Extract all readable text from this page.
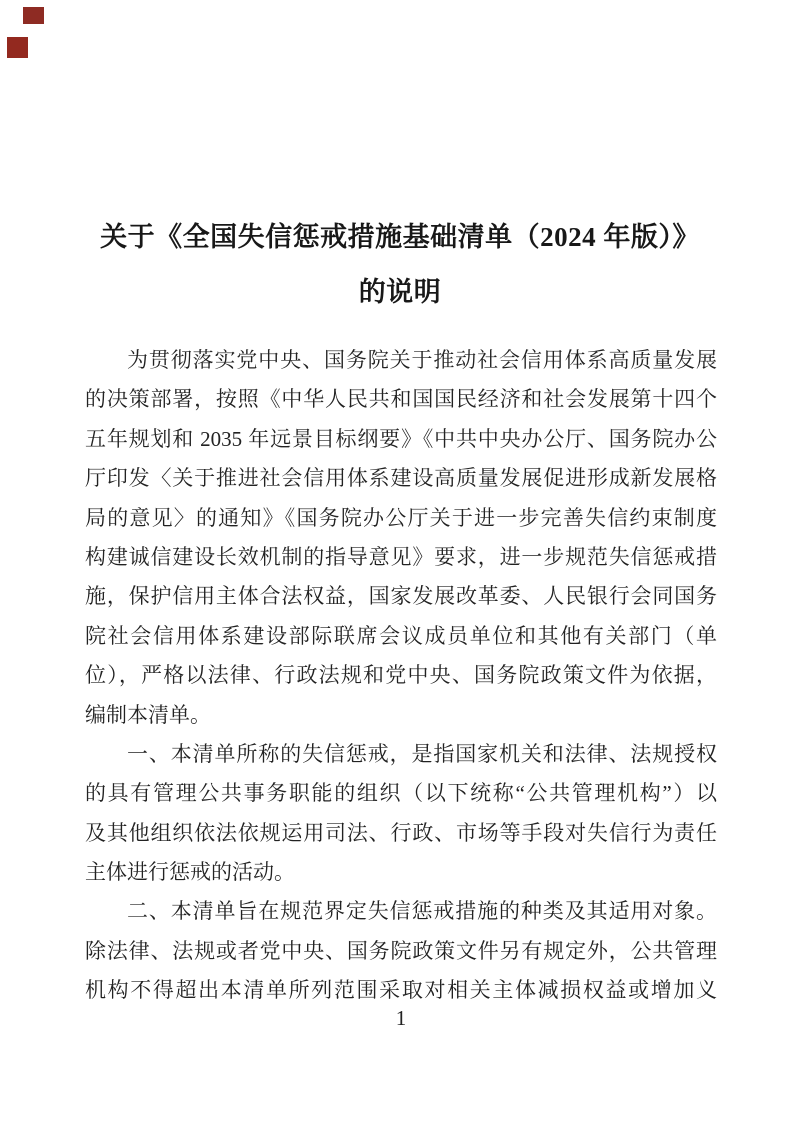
关于《全国失信惩戒措施基础清单（2024 年版）》
的说明
为贯彻落实党中央、国务院关于推动社会信用体系高质量发展
的决策部署，按照《中华人民共和国国民经济和社会发展第十四个
五年规划和 2035 年远景目标纲要》《中共中央办公厅、国务院办公
厅印发〈关于推进社会信用体系建设高质量发展促进形成新发展格
局的意见〉的通知》《国务院办公厅关于进一步完善失信约束制度
构建诚信建设长效机制的指导意见》要求，进一步规范失信惩戒措
施，保护信用主体合法权益，国家发展改革委、人民银行会同国务
院社会信用体系建设部际联席会议成员单位和其他有关部门（单
位），严格以法律、行政法规和党中央、国务院政策文件为依据，
编制本清单。
一、本清单所称的失信惩戒，是指国家机关和法律、法规授权
的具有管理公共事务职能的组织（以下统称“公共管理机构”）以
及其他组织依法依规运用司法、行政、市场等手段对失信行为责任
主体进行惩戒的活动。
二、本清单旨在规范界定失信惩戒措施的种类及其适用对象。
除法律、法规或者党中央、国务院政策文件另有规定外，公共管理
机构不得超出本清单所列范围采取对相关主体减损权益或增加义
1
